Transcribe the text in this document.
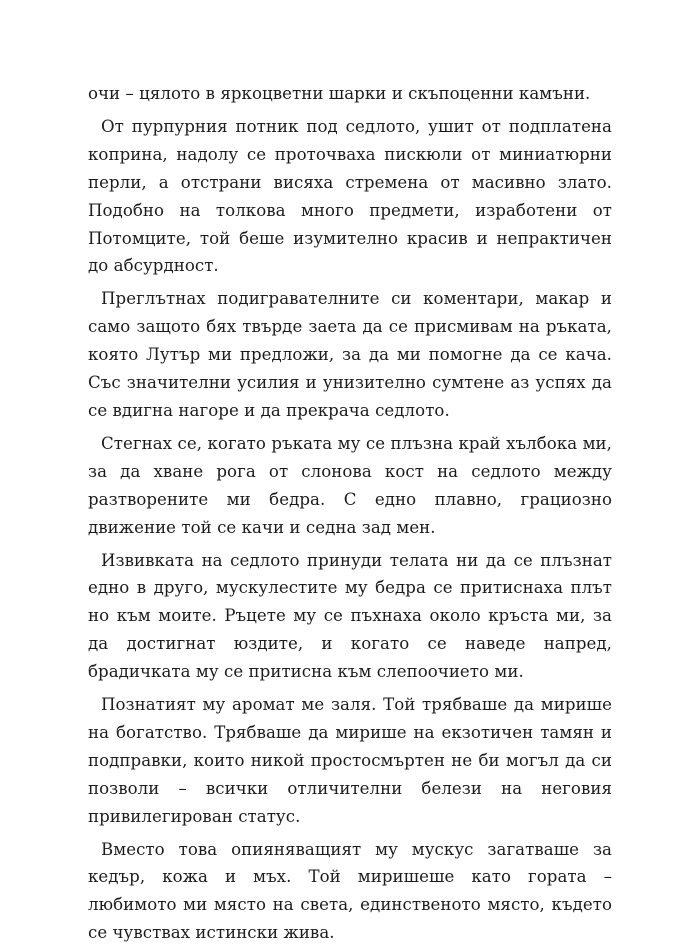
очи – цялото в яркоцветни шарки и скъпоценни камъни.

От пурпурния потник под седлото, ушит от подплатена коприна, надолу се проточваха пискюли от миниатюрни перли, а отстрани висяха стремена от масивно злато. Подобно на толкова много предмети, изработени от Потомците, той беше изумително красив и непрактичен до абсурдност.

Преглътнах подигравателните си коментари, макар и само защото бях твърде заета да се присмивам на ръката, която Лутър ми предложи, за да ми помогне да се кача. Със значителни усилия и унизително сумтене аз успях да се вдигна нагоре и да прекрача седлото.

Стегнах се, когато ръката му се плъзна край хълбока ми, за да хване рога от слонова кост на седлото между разтворените ми бедра. С едно плавно, грациозно движение той се качи и седна зад мен.

Извивката на седлото принуди телата ни да се плъзнат едно в друго, мускулестите му бедра се притиснаха плът но към моите. Ръцете му се пъхнаха около кръста ми, за да достигнат юздите, и когато се наведе напред, брадичката му се притисна към слепоочието ми.

Познатият му аромат ме заля. Той трябваше да мирише на богатство. Трябваше да мирише на екзотичен тамян и подправки, които никой простосмъртен не би могъл да си позволи – всички отличителни белези на неговия привилегирован статус.

Вместо това опияняващият му мускус загатваше за кедър, кожа и мъх. Той миришеше като гората – любимото ми място на света, единственото място, където се чувствах истински жива.
